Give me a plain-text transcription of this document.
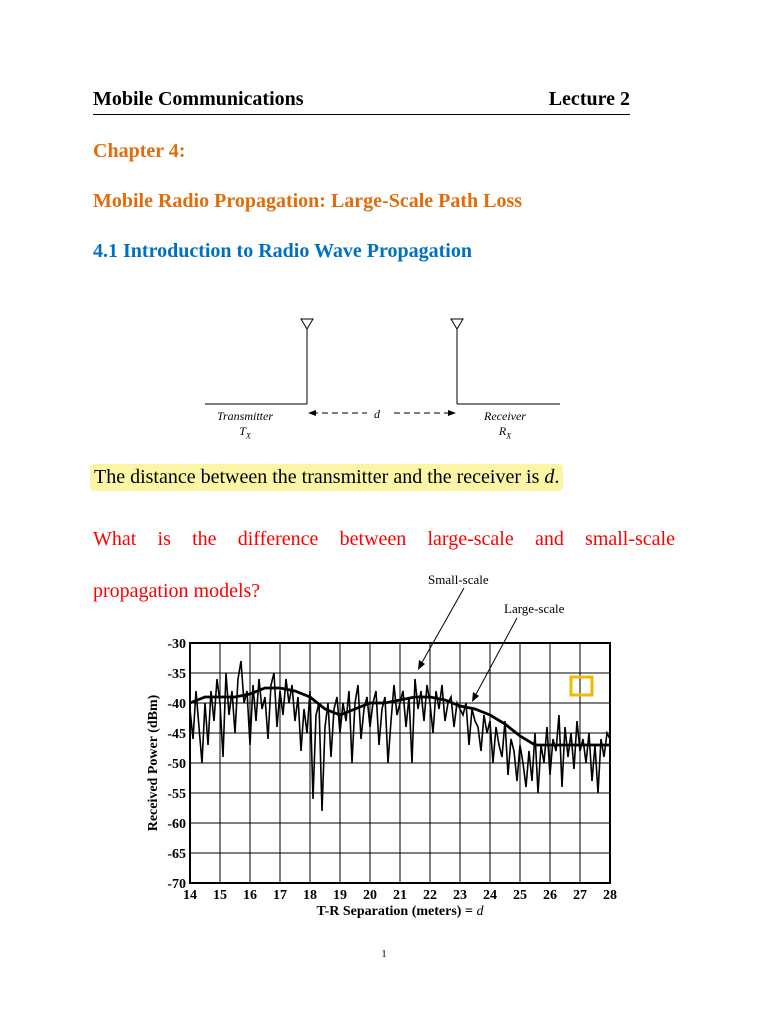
Mobile Communications	Lecture 2
Chapter 4:
Mobile Radio Propagation: Large-Scale Path Loss
4.1 Introduction to Radio Wave Propagation
Transmitter
$T_X$
d	Receiver
$R_X$
The distance between the transmitter and the receiver is d.
What is the difference between large-scale and small-scale
propagation models?
-30
-35
-40
-45
-50
-55
-60
-65
-70
14 15 16 17 18 19 20 21 22 23 24 25 26 27 28
Received Power (dBm)
T-R Separation (meters) = d
Small-scale
Large-scale
1
